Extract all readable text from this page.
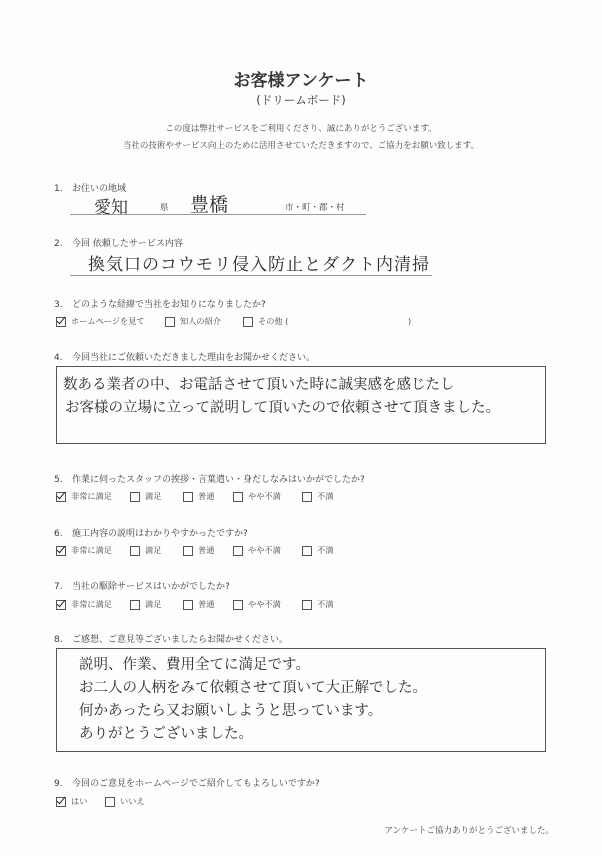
お客様アンケート
(ドリームボード)
この度は弊社サービスをご利用くださり、誠にありがとうございます。
当社の技術やサービス向上のために活用させていただきますので、ご協力をお願い致します。
1. お住いの地域
愛知	県 豊橋	市・町・郡・村
2. 今回 依頼したサービス内容
換気口のコウモリ侵入防止とダクト内清掃
3. どのような経緯で当社をお知りになりましたか?
ホームページを見て	知人の紹介	その他 (	)
4. 今回当社にご依頼いただきました理由をお聞かせください。
数ある業者の中、お電話させて頂いた時に誠実感を感じたし
お客様の立場に立って説明して頂いたので依頼させて頂きました。
5. 作業に伺ったスタッフの挨拶・言葉遣い・身だしなみはいかがでしたか?
非常に満足	満足	普通	やや不満	不満
6. 施工内容の説明はわかりやすかったですか?
非常に満足	満足	普通	やや不満	不満
7. 当社の駆除サービスはいかがでしたか?
非常に満足	満足	普通	やや不満	不満
8. ご感想、ご意見等ございましたらお聞かせください。
説明、作業、費用全てに満足です。
お二人の人柄をみて依頼させて頂いて大正解でした。
何かあったら又お願いしようと思っています。
ありがとうございました。
9. 今回のご意見をホームページでご紹介してもよろしいですか?
はい	いいえ
アンケートご協力ありがとうございました。
